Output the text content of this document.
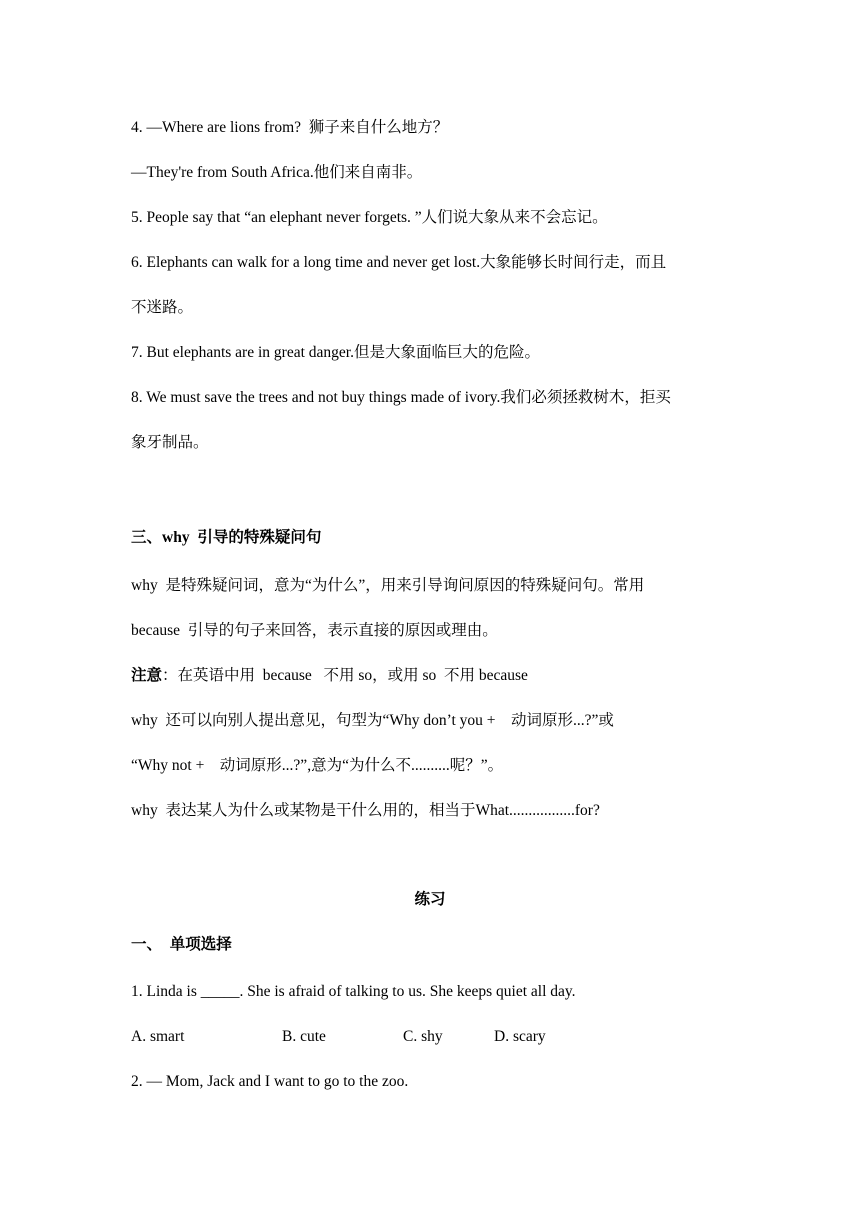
4. —Where are lions from?  狮子来自什么地方？
—They're from South Africa.他们来自南非。
5. People say that “an elephant never forgets. ”人们说大象从来不会忘记。
6. Elephants can walk for a long time and never get lost.大象能够长时间行走，而且
不迷路。
7. But elephants are in great danger.但是大象面临巨大的危险。
8. We must save the trees and not buy things made of ivory.我们必须拯救树木，拒买
象牙制品。
三、why  引导的特殊疑问句
why  是特殊疑问词，意为“为什么”，用来引导询问原因的特殊疑问句。常用
because  引导的句子来回答，表示直接的原因或理由。
注意：在英语中用  because   不用 so，或用 so  不用 because
why  还可以向别人提出意见，句型为“Why don’t you +    动词原形...?”或
“Why not +    动词原形...?”,意为“为什么不..........呢？”。
why  表达某人为什么或某物是干什么用的，相当于What.................for?
练习
一、  单项选择
1. Linda is _____. She is afraid of talking to us. She keeps quiet all day.
A. smart	B. cute	C. shy	D. scary
2. — Mom, Jack and I want to go to the zoo.
